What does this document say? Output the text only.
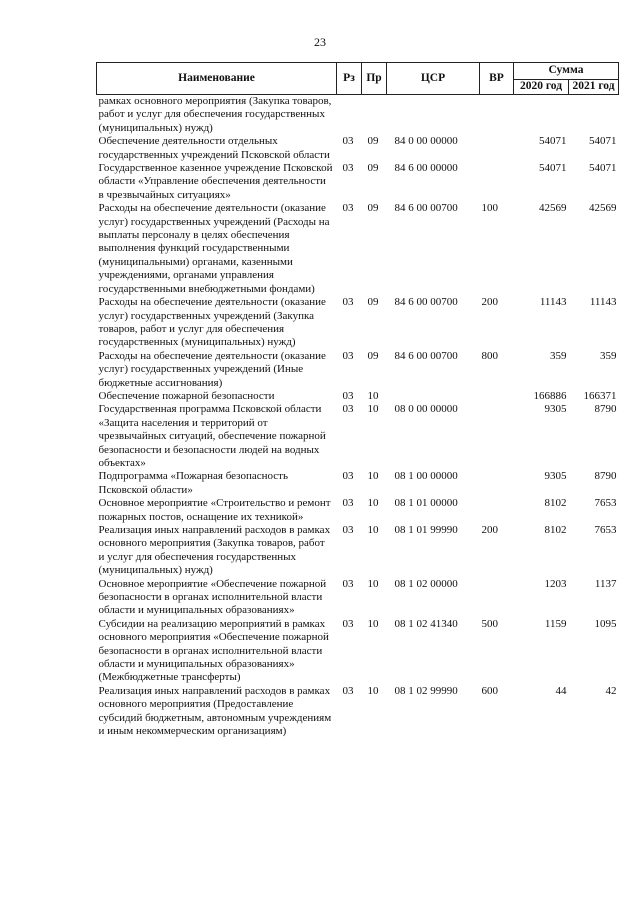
23
Наименование	Рз	Пр	ЦСР	ВР	Сумма	
					2020 год	2021 год
рамках основного мероприятия (Закупка товаров, работ и услуг для обеспечения государственных (муниципальных) нужд)						
Обеспечение деятельности отдельных государственных учреждений Псковской области	03	09	84 0 00 00000		54071	54071
Государственное казенное учреждение Псковской области «Управление обеспечения деятельности в чрезвычайных ситуациях»	03	09	84 6 00 00000		54071	54071
Расходы на обеспечение деятельности (оказание услуг) государственных учреждений (Расходы на выплаты персоналу в целях обеспечения выполнения функций государственными (муниципальными) органами, казенными учреждениями, органами управления государственными внебюджетными фондами)	03	09	84 6 00 00700	100	42569	42569
Расходы на обеспечение деятельности (оказание услуг) государственных учреждений (Закупка товаров, работ и услуг для обеспечения государственных (муниципальных) нужд)	03	09	84 6 00 00700	200	11143	11143
Расходы на обеспечение деятельности (оказание услуг) государственных учреждений (Иные бюджетные ассигнования)	03	09	84 6 00 00700	800	359	359
Обеспечение пожарной безопасности	03	10			166886	166371
Государственная программа Псковской области «Защита населения и территорий от чрезвычайных ситуаций, обеспечение пожарной безопасности и безопасности людей на водных объектах»	03	10	08 0 00 00000		9305	8790
Подпрограмма «Пожарная безопасность Псковской области»	03	10	08 1 00 00000		9305	8790
Основное мероприятие «Строительство и ремонт пожарных постов, оснащение их техникой»	03	10	08 1 01 00000		8102	7653
Реализация иных направлений расходов в рамках основного мероприятия (Закупка товаров, работ и услуг для обеспечения государственных (муниципальных) нужд)	03	10	08 1 01 99990	200	8102	7653
Основное мероприятие «Обеспечение пожарной безопасности в органах исполнительной власти области и муниципальных образованиях»	03	10	08 1 02 00000		1203	1137
Субсидии на реализацию мероприятий в рамках основного мероприятия «Обеспечение пожарной безопасности в органах исполнительной власти области и муниципальных образованиях» (Межбюджетные трансферты)	03	10	08 1 02 41340	500	1159	1095
Реализация иных направлений расходов в рамках основного мероприятия (Предоставление субсидий бюджетным, автономным учреждениям и иным некоммерческим организациям)	03	10	08 1 02 99990	600	44	42
